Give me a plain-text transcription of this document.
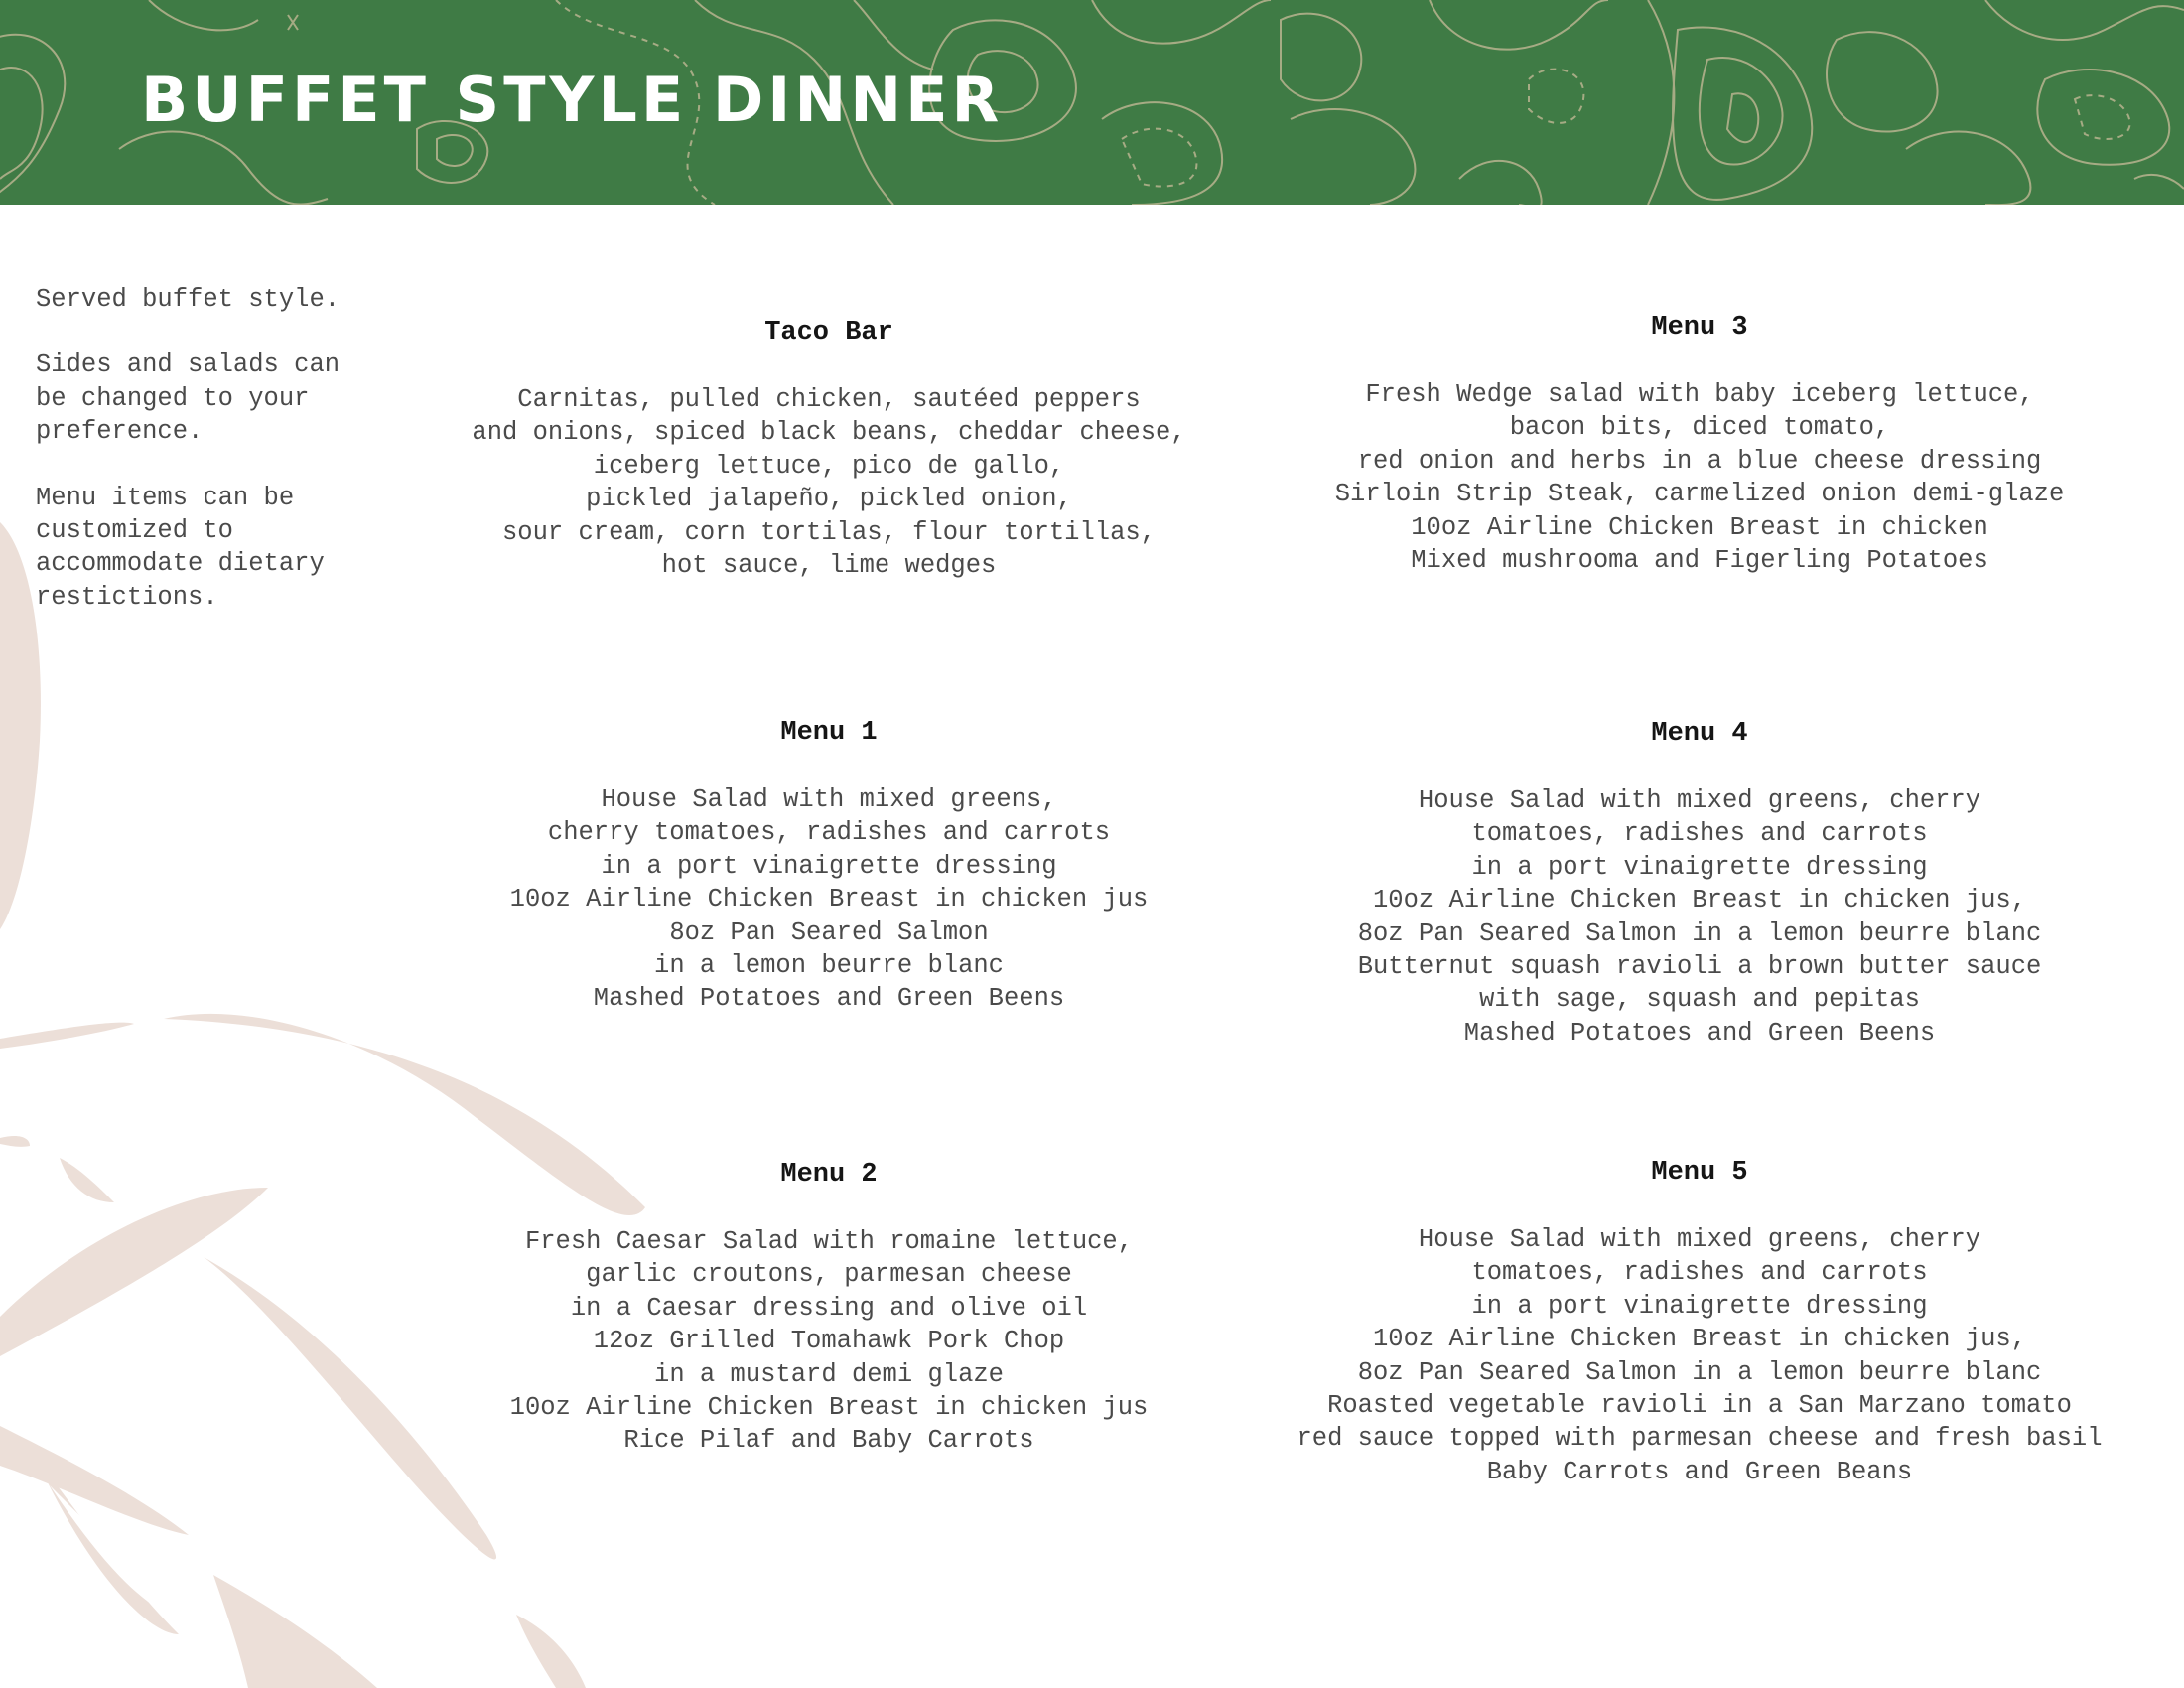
BUFFET STYLE DINNER

Served buffet style.

Sides and salads can
be changed to your
preference.

Menu items can be
customized to
accommodate dietary
restictions.

Taco Bar
Carnitas, pulled chicken, sautéed peppers
and onions, spiced black beans, cheddar cheese,
iceberg lettuce, pico de gallo,
pickled jalapeño, pickled onion,
sour cream, corn tortilas, flour tortillas,
hot sauce, lime wedges
Menu 1
House Salad with mixed greens,
cherry tomatoes, radishes and carrots
in a port vinaigrette dressing
10oz Airline Chicken Breast in chicken jus
8oz Pan Seared Salmon
in a lemon beurre blanc
Mashed Potatoes and Green Beens
Menu 2
Fresh Caesar Salad with romaine lettuce,
garlic croutons, parmesan cheese
in a Caesar dressing and olive oil
12oz Grilled Tomahawk Pork Chop
in a mustard demi glaze
10oz Airline Chicken Breast in chicken jus
Rice Pilaf and Baby Carrots
Menu 3
Fresh Wedge salad with baby iceberg lettuce,
bacon bits, diced tomato,
red onion and herbs in a blue cheese dressing
Sirloin Strip Steak, carmelized onion demi-glaze
10oz Airline Chicken Breast in chicken
Mixed mushrooma and Figerling Potatoes
Menu 4
House Salad with mixed greens, cherry
tomatoes, radishes and carrots
in a port vinaigrette dressing
10oz Airline Chicken Breast in chicken jus,
8oz Pan Seared Salmon in a lemon beurre blanc
Butternut squash ravioli a brown butter sauce
with sage, squash and pepitas
Mashed Potatoes and Green Beens
Menu 5
House Salad with mixed greens, cherry
tomatoes, radishes and carrots
in a port vinaigrette dressing
10oz Airline Chicken Breast in chicken jus,
8oz Pan Seared Salmon in a lemon beurre blanc
Roasted vegetable ravioli in a San Marzano tomato
red sauce topped with parmesan cheese and fresh basil
Baby Carrots and Green Beans
